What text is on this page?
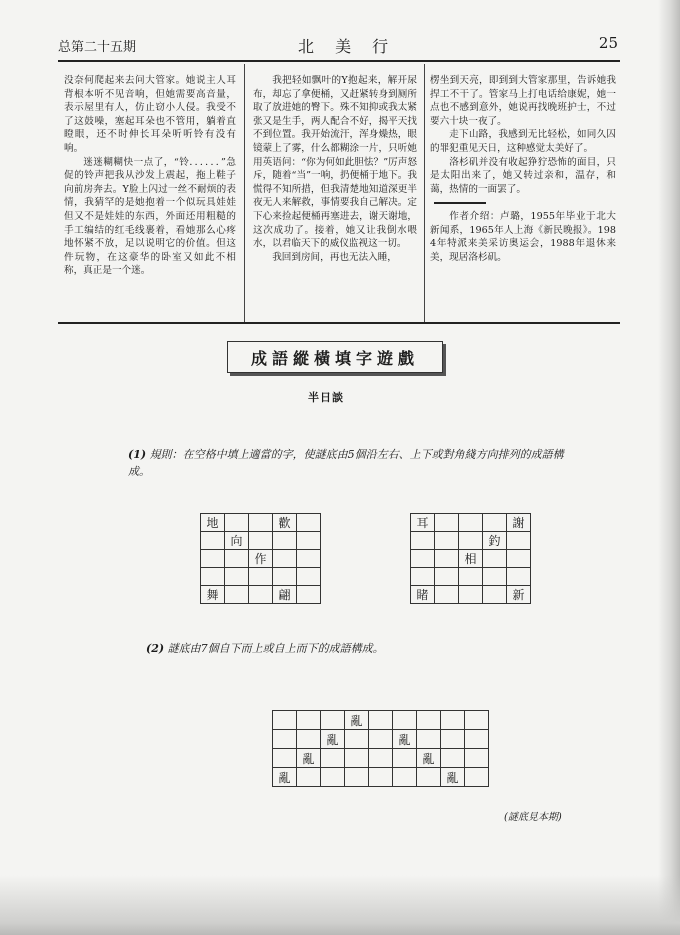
总第二十五期	北 美 行	25

没奈何爬起来去问大管家。她说主人耳背根本听不见音响，但她需要高音量，表示屋里有人，仿止窃小人侵。我受不了这鼓噪，塞起耳朵也不管用，躺着直瞪眼，还不时伸长耳朵听听铃有没有响。

迷迷糊糊快一点了，“铃．．．．．．”急促的铃声把我从沙发上震起，拖上鞋子向前房奔去。Y脸上闪过一丝不耐烦的表情，我猜罕的是她抱着一个似玩具娃娃但又不是娃娃的东西，外面还用粗糙的手工编结的红毛线裹着，看她那么心疼地怀紧不放，足以说明它的价值。但这件玩物，在这豪华的卧室又如此不相称，真正是一个迷。

我把轻如飘叶的Y抱起来，解开尿布，却忘了拿便桶，又赶紧转身到厕所取了放进她的臀下。殊不知抑或我太紧张又是生手，两人配合不好，揭平天找不到位置。我开始流汗，浑身燥热，眼镜蒙上了雾，什么都糊涂一片，只听她用英语问：“你为何如此胆怯？”厉声怒斥，随着“当”一响，扔便桶于地下。我慌得不知所措，但我清楚地知道深更半夜无人来解救，事情要我自己解决。定下心来捡起便桶再塞进去，谢天谢地，这次成功了。接着，她又让我倒水喂水，以君临天下的威仪监视这一切。

我回到房间，再也无法入睡，

楞坐到天亮，即到到大管家那里，告诉她我捍工不干了。管家马上打电话给康妮，她一点也不感到意外，她说再找晚班护士，不过要六十块一夜了。

走下山路，我感到无比轻松，如同久囚的罪犯重见天日，这种感觉太美好了。

洛杉矶并没有收起狰狞恐怖的面目，只是太阳出来了，她又转过亲和，温存，和蔼，热情的一面罢了。

作者介绍：卢璐，1955年毕业于北大新闻系，1965年人上海《新民晚报》。1984年特派来美采访奥运会，1988年退休来美，现居洛杉矶。

成語縱橫填字遊戲
半日談
(1) 規則：在空格中填上適當的字，使謎底由5個沿左右、上下或對角綫方向排列的成語構成。
地			歡	
	向			
		作		

舞			翩	
耳				謝
			釣	
		相		

睹				新
(2) 謎底由7個自下而上或自上而下的成語構成。
			亂					
		亂			亂			
	亂					亂		
亂							亂	
(謎底見本期)
